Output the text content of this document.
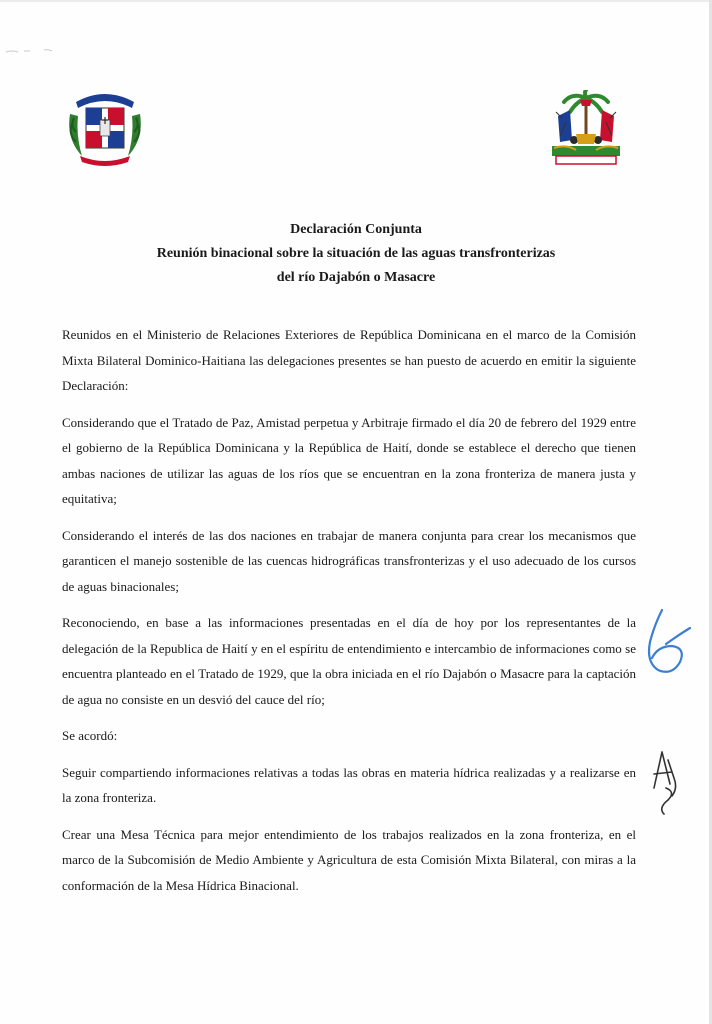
Declaración Conjunta

Reunión binacional sobre la situación de las aguas transfronterizas

del río Dajabón o Masacre

Reunidos en el Ministerio de Relaciones Exteriores de República Dominicana en el marco de la Comisión Mixta Bilateral Dominico-Haitiana las delegaciones presentes se han puesto de acuerdo en emitir la siguiente Declaración:

Considerando que el Tratado de Paz, Amistad perpetua y Arbitraje firmado el día 20 de febrero del 1929 entre el gobierno de la República Dominicana y la República de Haití, donde se establece el derecho que tienen ambas naciones de utilizar las aguas de los ríos que se encuentran en la zona fronteriza de manera justa y equitativa;

Considerando el interés de las dos naciones en trabajar de manera conjunta para crear los mecanismos que garanticen el manejo sostenible de las cuencas hidrográficas transfronterizas y el uso adecuado de los cursos de aguas binacionales;

Reconociendo, en base a las informaciones presentadas en el día de hoy por los representantes de la delegación de la Republica de Haití y en el espíritu de entendimiento e intercambio de informaciones como se encuentra planteado en el Tratado de 1929, que la obra iniciada en el río Dajabón o Masacre para la captación de agua no consiste en un desvió del cauce del río;

Se acordó:

Seguir compartiendo informaciones relativas a todas las obras en materia hídrica realizadas y a realizarse en la zona fronteriza.

Crear una Mesa Técnica para mejor entendimiento de los trabajos realizados en la zona fronteriza, en el marco de la Subcomisión de Medio Ambiente y Agricultura de esta Comisión Mixta Bilateral, con miras a la conformación de la Mesa Hídrica Binacional.
